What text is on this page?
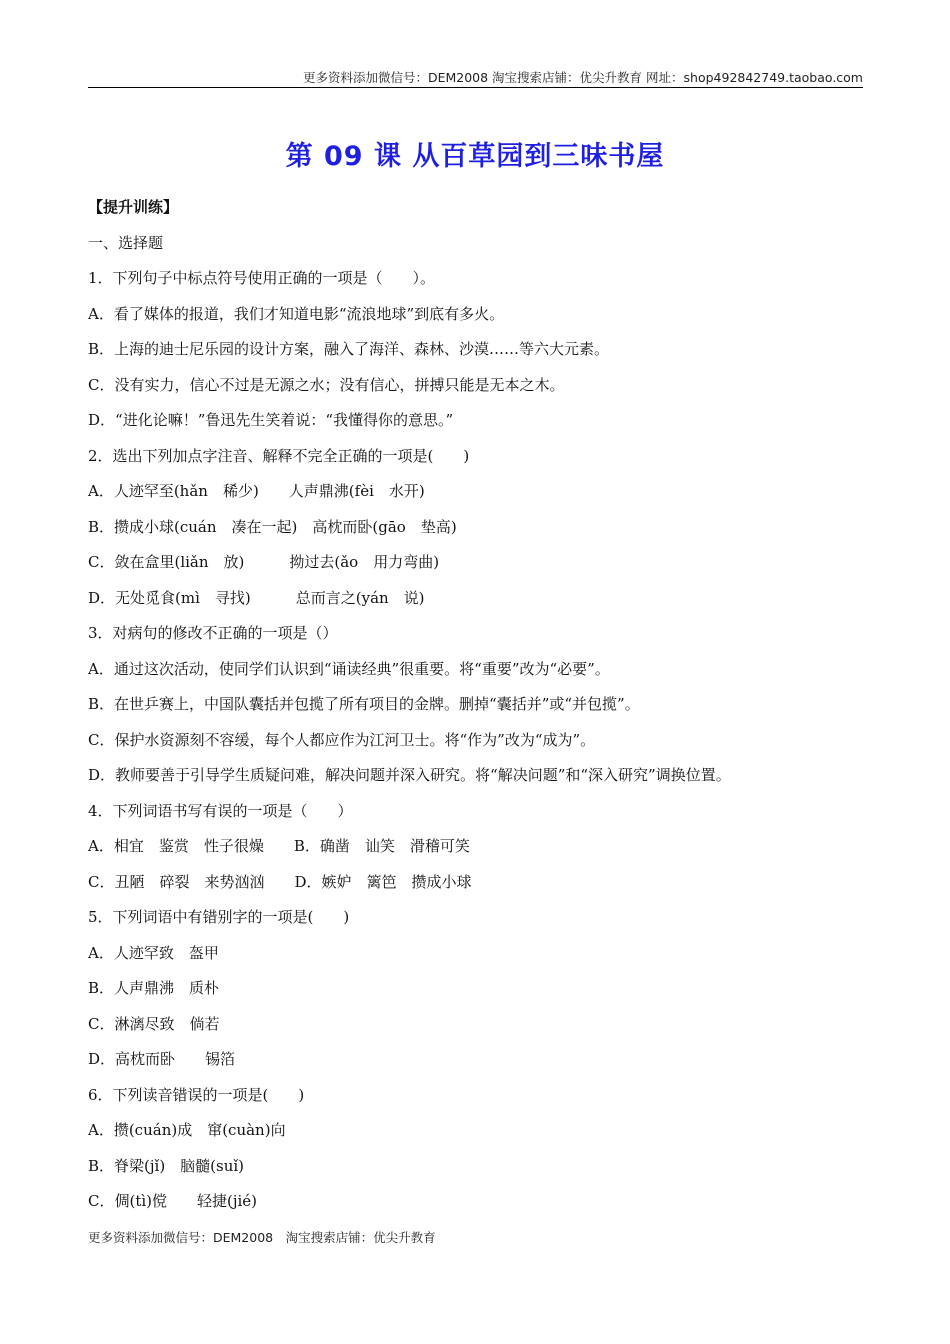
更多资料添加微信号：DEM2008 淘宝搜索店铺：优尖升教育 网址：shop492842749.taobao.com
第 09 课 从百草园到三味书屋
【提升训练】
一、选择题
1．下列句子中标点符号使用正确的一项是（　　）。
A．看了媒体的报道，我们才知道电影“流浪地球”到底有多火。
B．上海的迪士尼乐园的设计方案，融入了海洋、森林、沙漠……等六大元素。
C．没有实力，信心不过是无源之水；没有信心，拼搏只能是无本之木。
D．“进化论嘛！”鲁迅先生笑着说：“我懂得你的意思。”
2．选出下列加点字注音、解释不完全正确的一项是(　　)
A．人迹罕至(hǎn　稀少)　　人声鼎沸(fèi　水开)
B．攒成小球(cuán　凑在一起)　高枕而卧(gāo　垫高)
C．敛在盒里(liǎn　放)　　　拗过去(ǎo　用力弯曲)
D．无处觅食(mì　寻找)　　　总而言之(yán　说)
3．对病句的修改不正确的一项是（）
A．通过这次活动，使同学们认识到“诵读经典”很重要。将“重要”改为“必要”。
B．在世乒赛上，中国队囊括并包揽了所有项目的金牌。删掉“囊括并”或“并包揽”。
C．保护水资源刻不容缓，每个人都应作为江河卫士。将“作为”改为“成为”。
D．教师要善于引导学生质疑问难，解决问题并深入研究。将“解决问题”和“深入研究”调换位置。
4．下列词语书写有误的一项是（　　）
A．相宜　鉴赏　性子很燥　　B．确凿　讪笑　滑稽可笑
C．丑陋　碎裂　来势汹汹　　D．嫉妒　篱笆　攒成小球
5．下列词语中有错别字的一项是(　　)
A．人迹罕致　盔甲
B．人声鼎沸　质朴
C．淋漓尽致　倘若
D．高枕而卧　　锡箔
6．下列读音错误的一项是(　　)
A．攒(cuán)成　窜(cuàn)向
B．脊梁(jǐ)　脑髓(suǐ)
C．倜(tì)傥　　轻捷(jié)
更多资料添加微信号：DEM2008　淘宝搜索店铺：优尖升教育
